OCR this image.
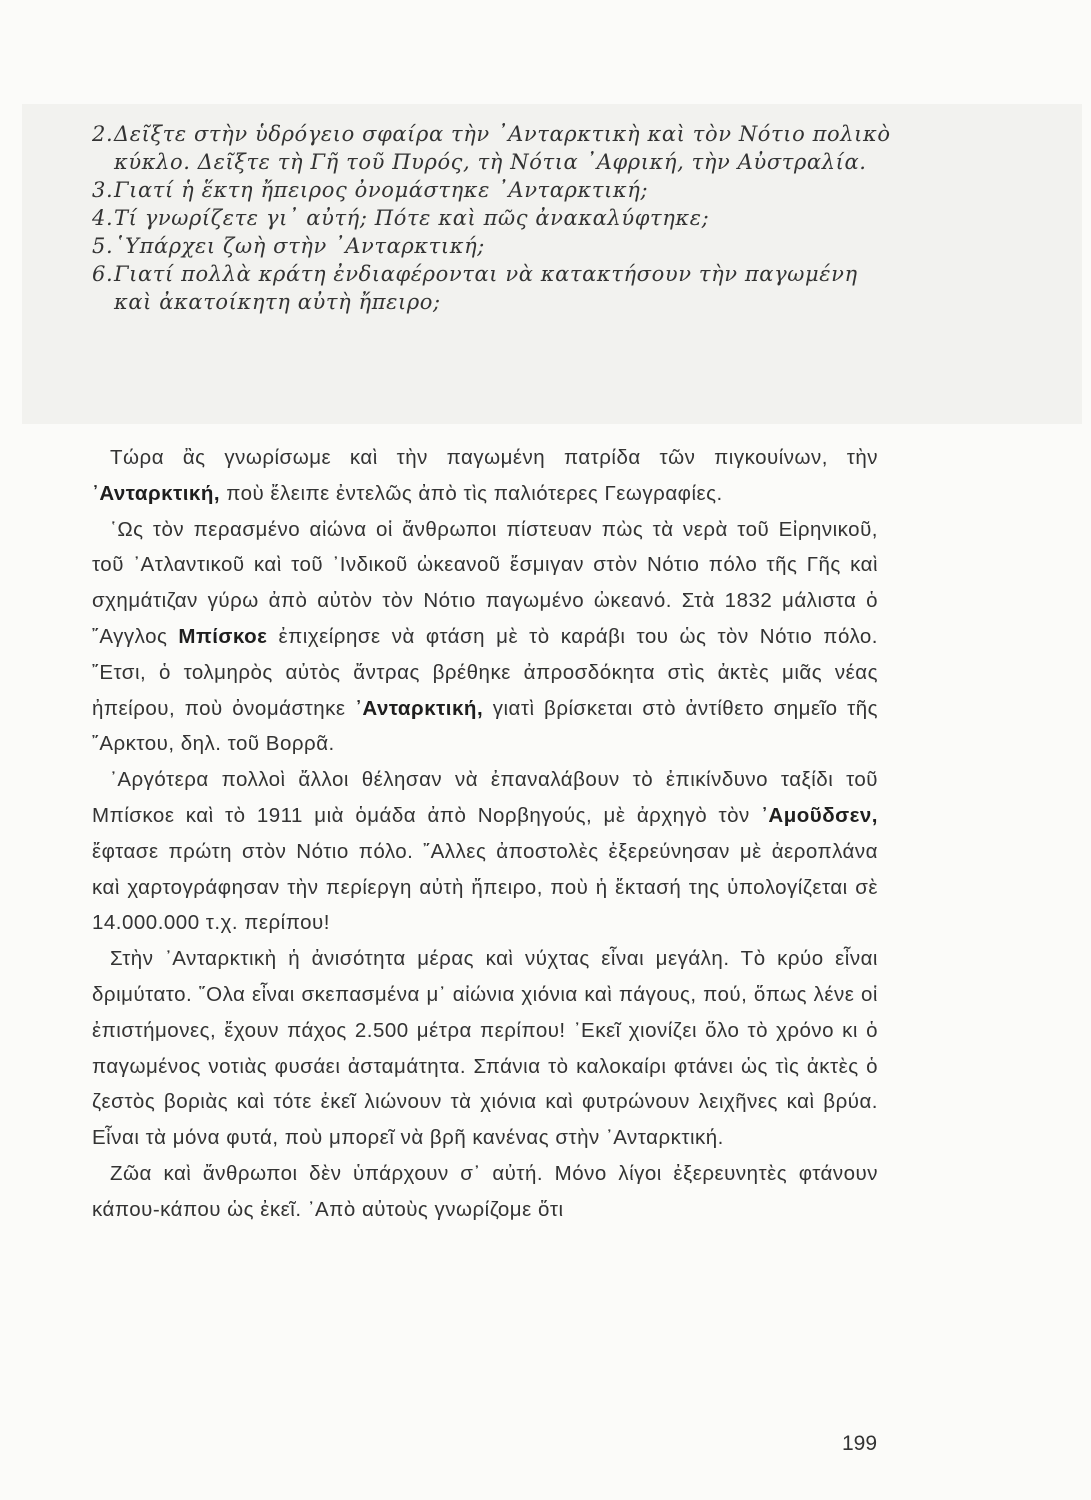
2. Δεῖξτε στὴν ὑδρόγειο σφαίρα τὴν ᾿Ανταρκτικὴ καὶ τὸν Νότιο πολικὸ κύκλο. Δεῖξτε τὴ Γῆ τοῦ Πυρός, τὴ Νότια ᾿Αφρική, τὴν Αὐστραλία.
3. Γιατί ἡ ἕκτη ἤπειρος ὀνομάστηκε ᾿Ανταρκτική;
4. Τί γνωρίζετε γι᾿ αὐτή; Πότε καὶ πῶς ἀνακαλύφτηκε;
5. ῾Υπάρχει ζωὴ στὴν ᾿Ανταρκτική;
6. Γιατί πολλὰ κράτη ἐνδιαφέρονται νὰ κατακτήσουν τὴν παγωμένη καὶ ἀκατοίκητη αὐτὴ ἤπειρο;

Τώρα ἂς γνωρίσωμε καὶ τὴν παγωμένη πατρίδα τῶν πιγκουίνων, τὴν ᾿Ανταρκτική, ποὺ ἔλειπε ἐντελῶς ἀπὸ τὶς παλιότερες Γεωγραφίες.

῾Ως τὸν περασμένο αἰώνα οἱ ἄνθρωποι πίστευαν πὼς τὰ νερὰ τοῦ Εἰρηνικοῦ, τοῦ ᾿Ατλαντικοῦ καὶ τοῦ ᾿Ινδικοῦ ὠκεανοῦ ἔσμιγαν στὸν Νότιο πόλο τῆς Γῆς καὶ σχημάτιζαν γύρω ἀπὸ αὐτὸν τὸν Νότιο παγωμένο ὠκεανό. Στὰ 1832 μάλιστα ὁ ῎Αγγλος Μπίσκοε ἐπιχείρησε νὰ φτάση μὲ τὸ καράβι του ὡς τὸν Νότιο πόλο. ῎Ετσι, ὁ τολμηρὸς αὐτὸς ἄντρας βρέθηκε ἀπροσδόκητα στὶς ἀκτὲς μιᾶς νέας ἠπείρου, ποὺ ὀνομάστηκε ᾿Ανταρκτική, γιατὶ βρίσκεται στὸ ἀντίθετο σημεῖο τῆς ῎Αρκτου, δηλ. τοῦ Βορρᾶ.

᾿Αργότερα πολλοὶ ἄλλοι θέλησαν νὰ ἐπαναλάβουν τὸ ἐπικίνδυνο ταξίδι τοῦ Μπίσκοε καὶ τὸ 1911 μιὰ ὁμάδα ἀπὸ Νορβηγούς, μὲ ἀρχηγὸ τὸν ᾿Αμοῦδσεν, ἔφτασε πρώτη στὸν Νότιο πόλο. ῎Αλλες ἀποστολὲς ἐξερεύνησαν μὲ ἀεροπλάνα καὶ χαρτογράφησαν τὴν περίεργη αὐτὴ ἤπειρο, ποὺ ἡ ἔκτασή της ὑπολογίζεται σὲ 14.000.000 τ.χ. περίπου!

Στὴν ᾿Ανταρκτικὴ ἡ ἀνισότητα μέρας καὶ νύχτας εἶναι μεγάλη. Τὸ κρύο εἶναι δριμύτατο. ῞Ολα εἶναι σκεπασμένα μ᾿ αἰώνια χιόνια καὶ πάγους, πού, ὅπως λένε οἱ ἐπιστήμονες, ἔχουν πάχος 2.500 μέτρα περίπου! ᾿Εκεῖ χιονίζει ὅλο τὸ χρόνο κι ὁ παγωμένος νοτιὰς φυσάει ἀσταμάτητα. Σπάνια τὸ καλοκαίρι φτάνει ὡς τὶς ἀκτὲς ὁ ζεστὸς βοριὰς καὶ τότε ἐκεῖ λιώνουν τὰ χιόνια καὶ φυτρώνουν λειχῆνες καὶ βρύα. Εἶναι τὰ μόνα φυτά, ποὺ μπορεῖ νὰ βρῆ κανένας στὴν ᾿Ανταρκτική.

Ζῶα καὶ ἄνθρωποι δὲν ὑπάρχουν σ᾿ αὐτή. Μόνο λίγοι ἐξερευνητὲς φτάνουν κάπου-κάπου ὡς ἐκεῖ. ᾿Απὸ αὐτοὺς γνωρίζομε ὅτι

199
